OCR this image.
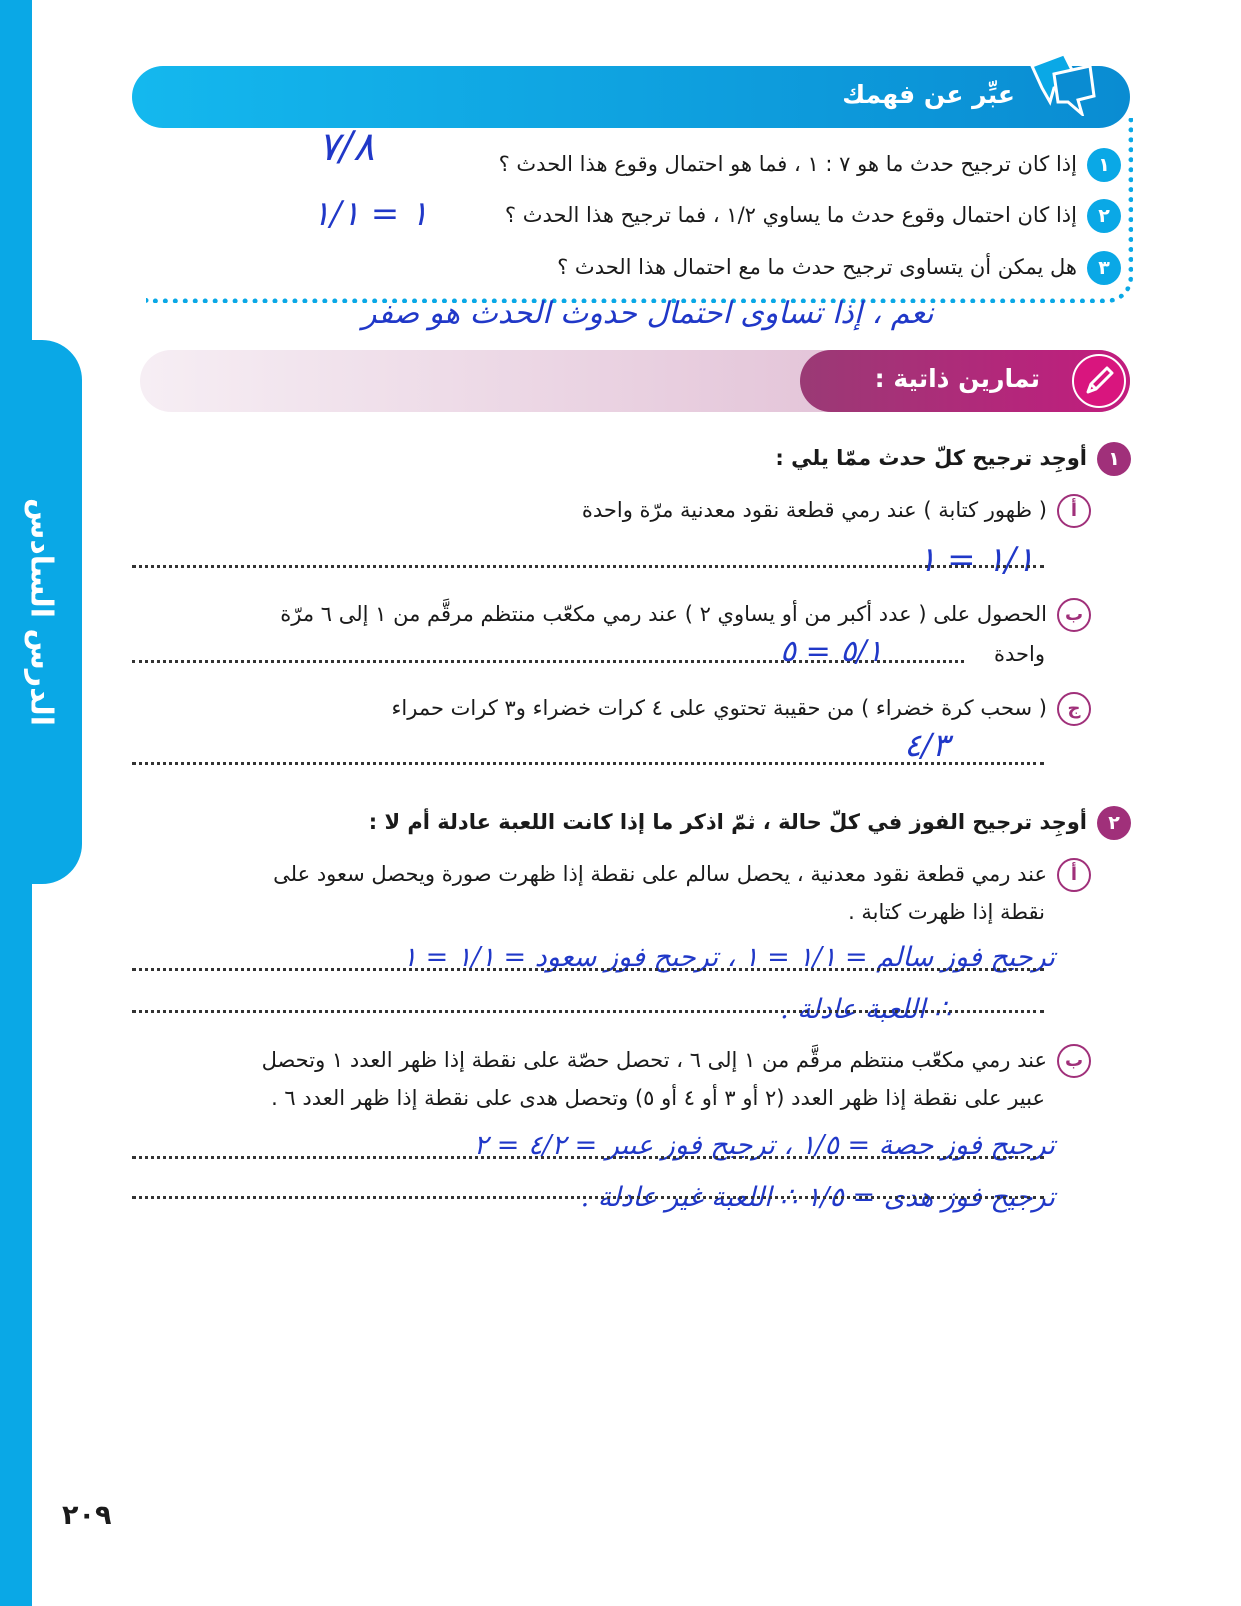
الدرس السادس
عبِّر عن فهمك
١إذا كان ترجيح حدث ما هو ٧ : ١ ، فما هو احتمال وقوع هذا الحدث ؟
٢إذا كان احتمال وقوع حدث ما يساوي ١/٢ ، فما ترجيح هذا الحدث ؟
٣هل يمكن أن يتساوى ترجيح حدث ما مع احتمال هذا الحدث ؟
٧/٨
١ = ١/١
نعم ، إذا تساوى احتمال حدوث الحدث هو صفر
تمارين ذاتية :
١أوجِد ترجيح كلّ حدث ممّا يلي :
أ( ظهور كتابة ) عند رمي قطعة نقود معدنية مرّة واحدة
١/١ = ١
بالحصول على ( عدد أكبر من أو يساوي ٢ ) عند رمي مكعّب منتظم مرقَّم من ١ إلى ٦ مرّة
واحدة
٥/١ = ٥
ج( سحب كرة خضراء ) من حقيبة تحتوي على ٤ كرات خضراء و٣ كرات حمراء
٤/٣
٢أوجِد ترجيح الفوز في كلّ حالة ، ثمّ اذكر ما إذا كانت اللعبة عادلة أم لا :
أعند رمي قطعة نقود معدنية ، يحصل سالم على نقطة إذا ظهرت صورة ويحصل سعود على
نقطة إذا ظهرت كتابة .
ترجيح فوز سالم = ١/١ = ١ ، ترجيح فوز سعود = ١/١ = ١
∴ اللعبة عادلة .
بعند رمي مكعّب منتظم مرقَّم من ١ إلى ٦ ، تحصل حصّة على نقطة إذا ظهر العدد ١ وتحصل
عبير على نقطة إذا ظهر العدد (٢ أو ٣ أو ٤ أو ٥) وتحصل هدى على نقطة إذا ظهر العدد ٦ .
ترجيح فوز حصة = ١/٥ ، ترجيح فوز عبير = ٤/٢ = ٢
ترجيح فوز هدى = ١/٥ ∴ اللعبة غير عادلة .
٢٠٩
